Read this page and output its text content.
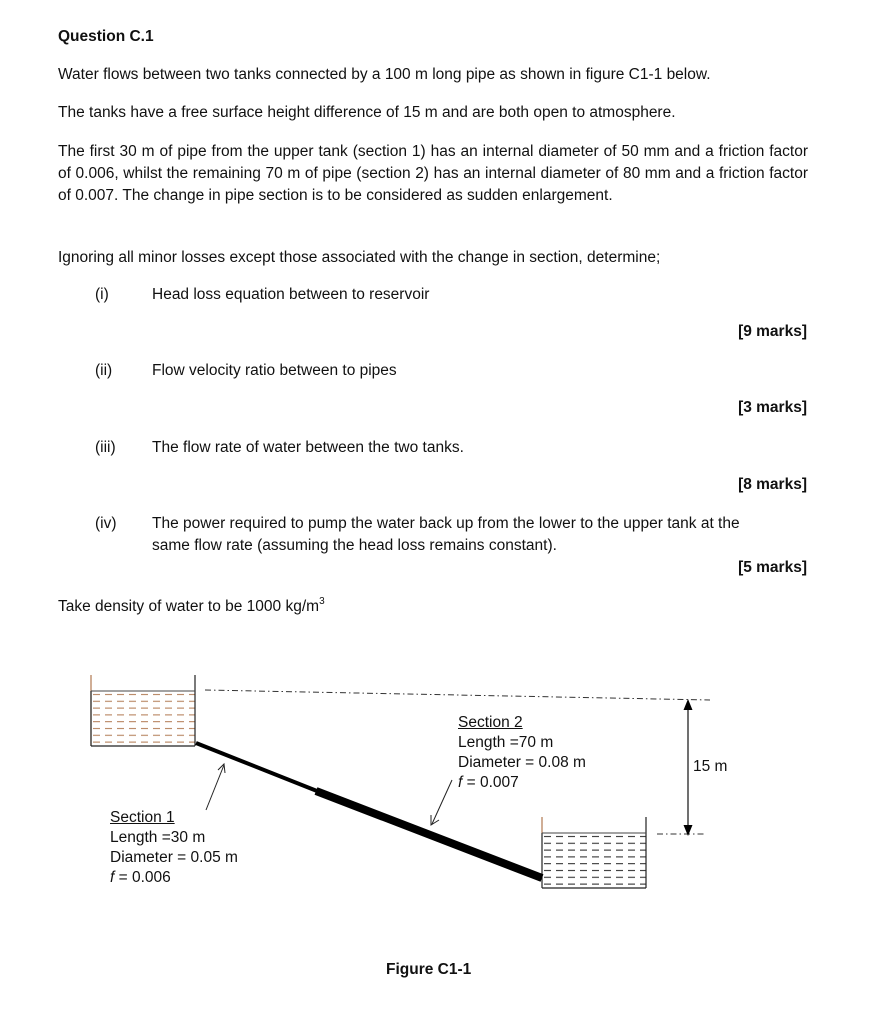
Question C.1
Water flows between two tanks connected by a 100 m long pipe as shown in figure C1-1 below.
The tanks have a free surface height difference of 15 m and are both open to atmosphere.
The first 30 m of pipe from the upper tank (section 1) has an internal diameter of 50 mm and a friction factor of 0.006, whilst the remaining 70 m of pipe (section 2) has an internal diameter of 80 mm and a friction factor of 0.007. The change in pipe section is to be considered as sudden enlargement.
Ignoring all minor losses except those associated with the change in section, determine;
(i)	Head loss equation between to reservoir
[9 marks]
(ii)	Flow velocity ratio between to pipes
[3 marks]
(iii) The flow rate of water between the two tanks.
[8 marks]
(iv) The power required to pump the water back up from the lower to the upper tank at the
same flow rate (assuming the head loss remains constant).
[5 marks]
Take density of water to be 1000 $kg/m^3$
Section 1
Length =30 m
Diameter = 0.05 m
f = 0.006
Section 2
Length =70 m
Diameter = 0.08 m
f = 0.007
15 m
Figure C1-1
